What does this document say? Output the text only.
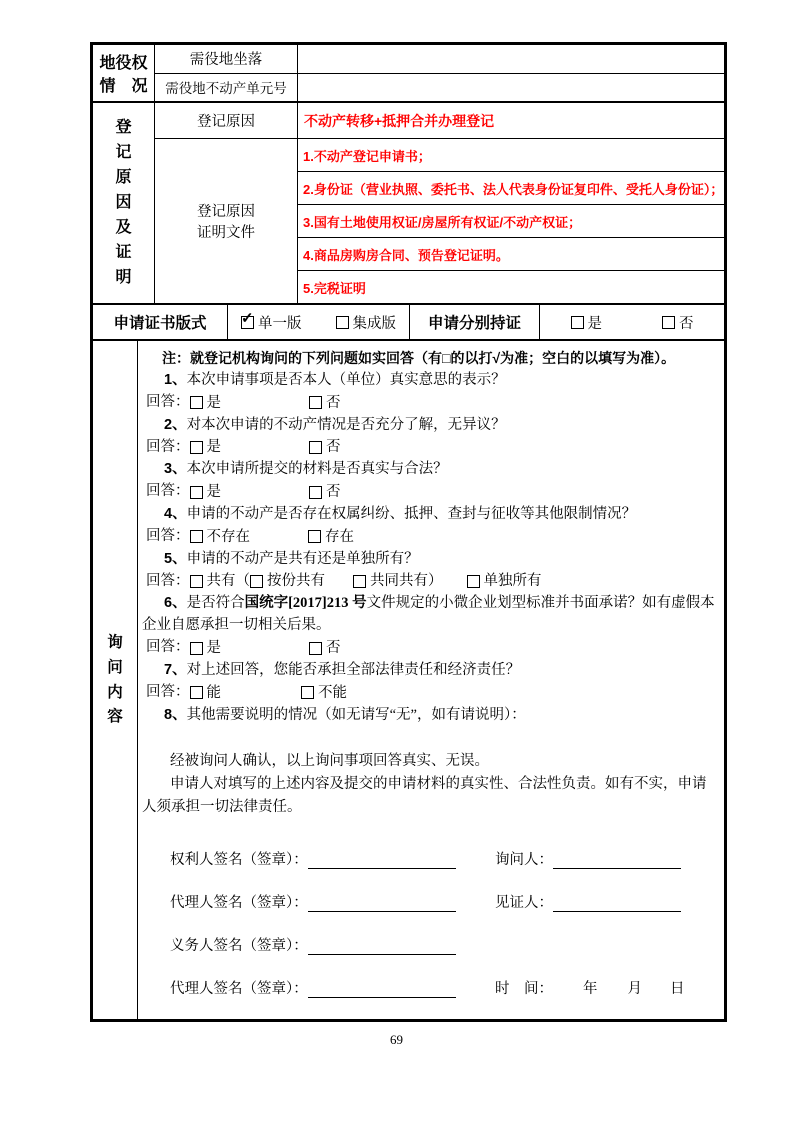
地役权
情　况
需役地坐落
需役地不动产单元号
登
记
原
因
及
证
明
登记原因	不动产转移+抵押合并办理登记
登记原因
证明文件
1.不动产登记申请书；
2.身份证（营业执照、委托书、法人代表身份证复印件、受托人身份证）；
3.国有土地使用权证/房屋所有权证/不动产权证；
4.商品房购房合同、预告登记证明。
5.完税证明
申请证书版式 ✓	单一版	集成版	申请分别持证	是	否
询
问
内
容

注：就登记机构询问的下列问题如实回答（有□的以打√为准；空白的以填写为准）。

1、本次申请事项是否本人（单位）真实意思的表示？

回答： 是	否

2、对本次申请的不动产情况是否充分了解，无异议？

回答： 是	否

3、本次申请所提交的材料是否真实与合法？

回答： 是	否

4、申请的不动产是否存在权属纠纷、抵押、查封与征收等其他限制情况？

回答： 不存在	存在

5、申请的不动产是共有还是单独所有？

回答： 共有（ 按份共有	共同共有）	单独所有

6、是否符合国统字[2017]213 号文件规定的小微企业划型标准并书面承诺？如有虚假本企业自愿承担一切相关后果。

回答： 是	否

7、对上述回答，您能否承担全部法律责任和经济责任？

回答： 能	不能

8、其他需要说明的情况（如无请写“无”，如有请说明）：

经被询问人确认，以上询问事项回答真实、无误。

申请人对填写的上述内容及提交的申请材料的真实性、合法性负责。如有不实，申请人须承担一切法律责任。

权利人签名（签章）：	询问人：
代理人签名（签章）：	见证人：
义务人签名（签章）：
代理人签名（签章）：	时　间： 年 月 日
69
